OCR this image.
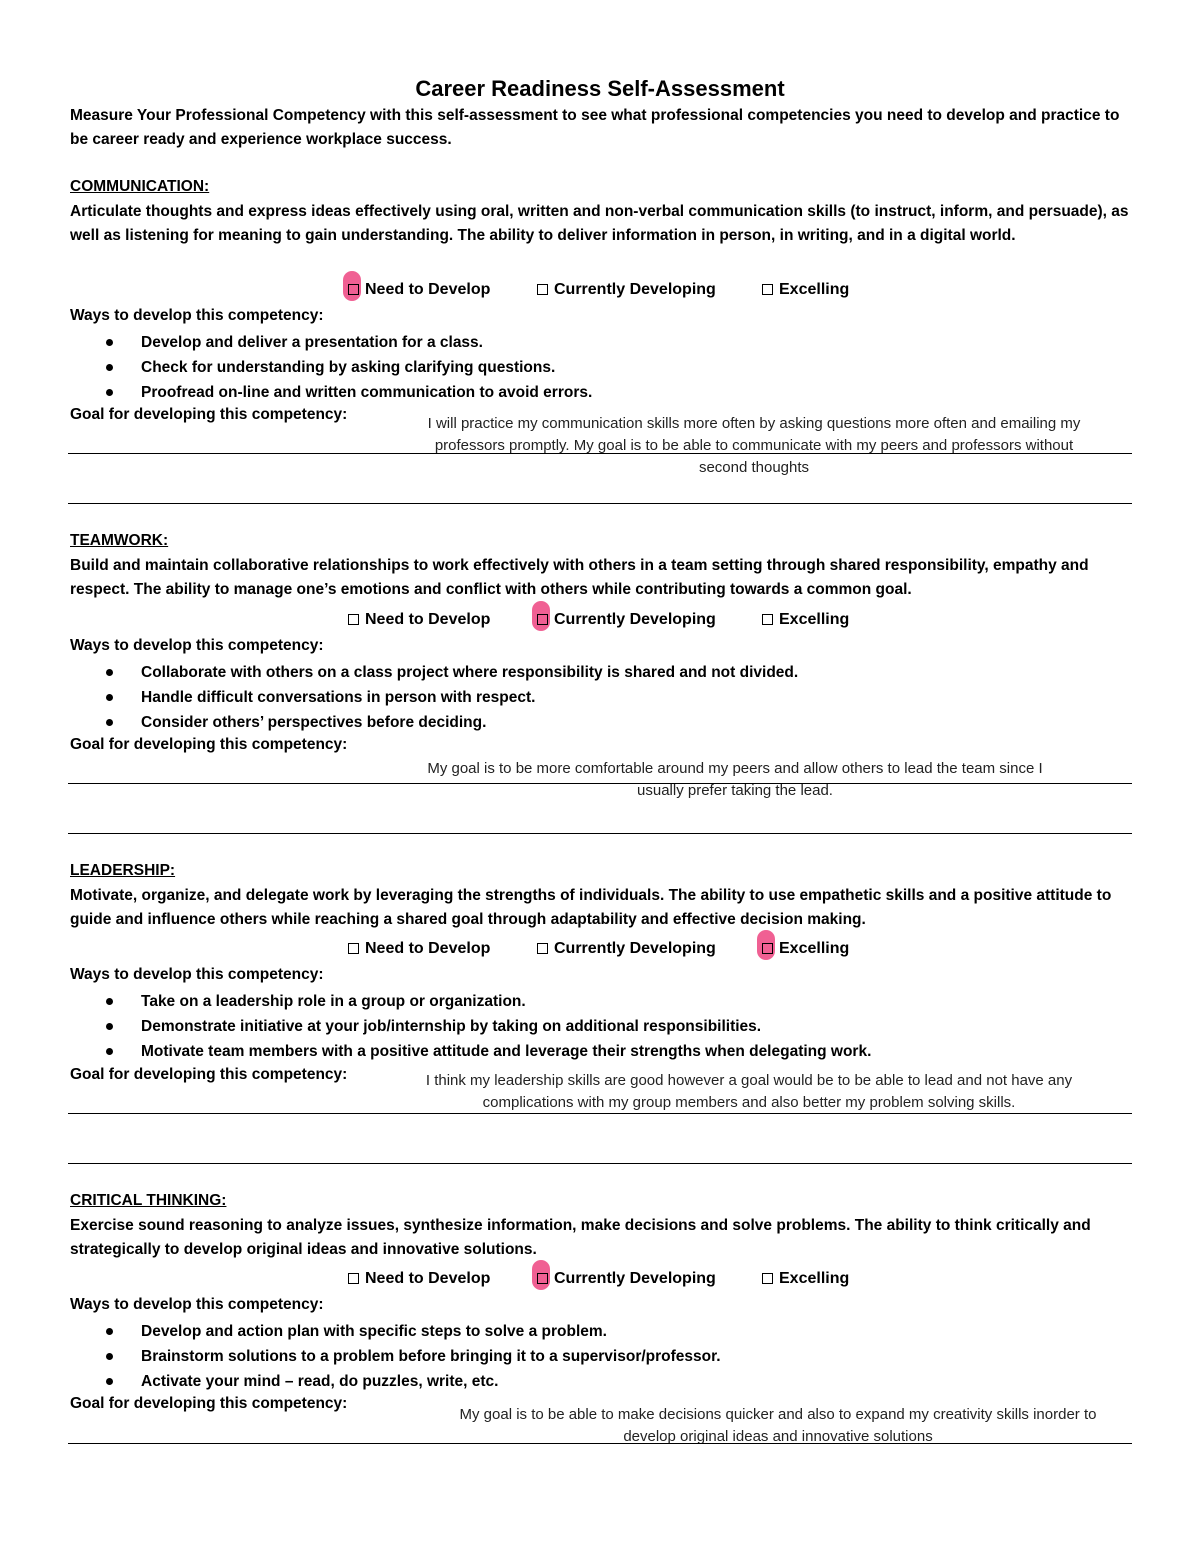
Career Readiness Self-Assessment
Measure Your Professional Competency with this self-assessment to see what professional competencies you need to develop and practice to be career ready and experience workplace success.
COMMUNICATION:
Articulate thoughts and express ideas effectively using oral, written and non-verbal communication skills (to instruct, inform, and persuade), as well as listening for meaning to gain understanding. The ability to deliver information in person, in writing, and in a digital world.
Need to Develop	Currently Developing	Excelling
Ways to develop this competency:
Develop and deliver a presentation for a class.
Check for understanding by asking clarifying questions.
Proofread on-line and written communication to avoid errors.
Goal for developing this competency:
I will practice my communication skills more often by asking questions more often and emailing my professors promptly. My goal is to be able to communicate with my peers and professors without second thoughts
TEAMWORK:
Build and maintain collaborative relationships to work effectively with others in a team setting through shared responsibility, empathy and respect. The ability to manage one’s emotions and conflict with others while contributing towards a common goal.
Need to Develop	Currently Developing	Excelling
Ways to develop this competency:
Collaborate with others on a class project where responsibility is shared and not divided.
Handle difficult conversations in person with respect.
Consider others’ perspectives before deciding.
Goal for developing this competency:
My goal is to be more comfortable around my peers and allow others to lead the team since I usually prefer taking the lead.
LEADERSHIP:
Motivate, organize, and delegate work by leveraging the strengths of individuals. The ability to use empathetic skills and a positive attitude to guide and influence others while reaching a shared goal through adaptability and effective decision making.
Need to Develop	Currently Developing	Excelling
Ways to develop this competency:
Take on a leadership role in a group or organization.
Demonstrate initiative at your job/internship by taking on additional responsibilities.
Motivate team members with a positive attitude and leverage their strengths when delegating work.
Goal for developing this competency:	I think my leadership skills are good however a goal would be to be able to lead and not have any complications with my group members and also better my problem solving skills.
CRITICAL THINKING:
Exercise sound reasoning to analyze issues, synthesize information, make decisions and solve problems. The ability to think critically and strategically to develop original ideas and innovative solutions.
Need to Develop	Currently Developing	Excelling
Ways to develop this competency:
Develop and action plan with specific steps to solve a problem.
Brainstorm solutions to a problem before bringing it to a supervisor/professor.
Activate your mind – read, do puzzles, write, etc.
Goal for developing this competency:
My goal is to be able to make decisions quicker and also to expand my creativity skills inorder to develop original ideas and innovative solutions
